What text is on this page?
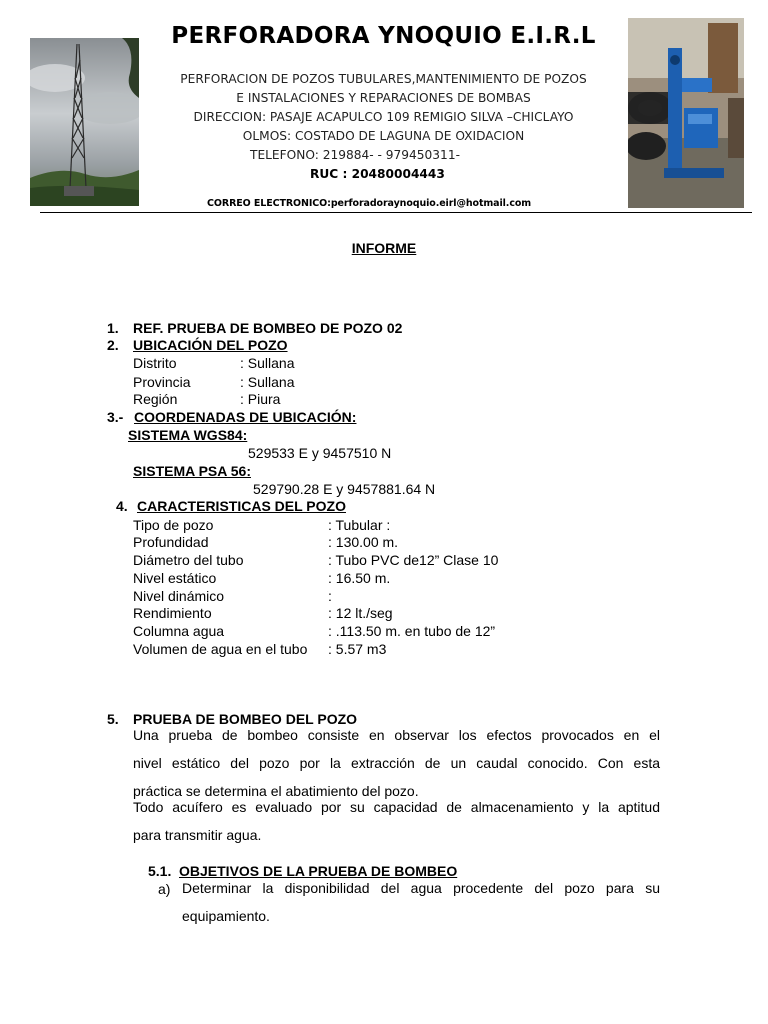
PERFORADORA YNOQUIO E.I.R.L
PERFORACION DE POZOS TUBULARES,MANTENIMIENTO DE POZOS
E INSTALACIONES Y REPARACIONES DE BOMBAS
DIRECCION: PASAJE ACAPULCO 109 REMIGIO SILVA –CHICLAYO
OLMOS: COSTADO DE LAGUNA DE OXIDACION
TELEFONO: 219884- - 979450311-
RUC : 20480004443
CORREO ELECTRONICO:perforadoraynoquio.eirl@hotmail.com
INFORME
1. REF. PRUEBA DE BOMBEO DE POZO 02
2. UBICACIÓN DEL POZO
Distrito	: Sullana
Provincia	: Sullana
Región	: Piura
3.- COORDENADAS DE UBICACIÓN:
SISTEMA WGS84:
529533 E y 9457510 N
SISTEMA PSA 56:
529790.28 E y 9457881.64 N
4. CARACTERISTICAS DEL POZO
Tipo de pozo	: Tubular :
Profundidad	: 130.00 m.
Diámetro del tubo	: Tubo PVC de12” Clase 10
Nivel estático	: 16.50 m.
Nivel dinámico	:
Rendimiento	: 12 lt./seg
Columna agua	: .113.50 m. en tubo de 12”
Volumen de agua en el tubo : 5.57 m3
5. PRUEBA DE BOMBEO DEL POZO
Una prueba de bombeo consiste en observar los efectos provocados en el
nivel estático del pozo por la extracción de un caudal conocido. Con esta
práctica se determina el abatimiento del pozo.
Todo acuífero es evaluado por su capacidad de almacenamiento y la aptitud
para transmitir agua.
5.1. OBJETIVOS DE LA PRUEBA DE BOMBEO
a) Determinar la disponibilidad del agua procedente del pozo para su
equipamiento.
